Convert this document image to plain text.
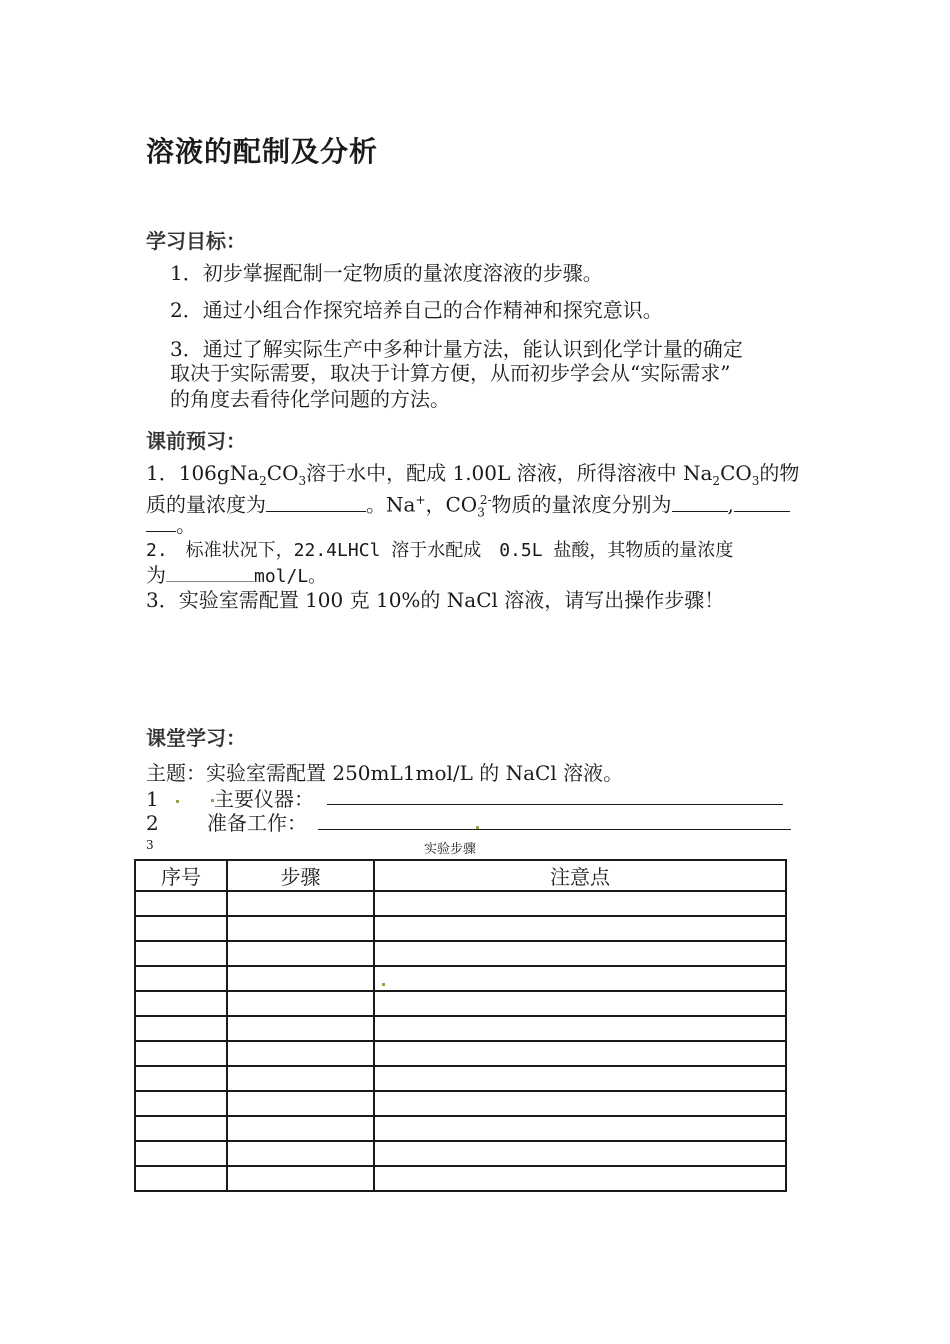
溶液的配制及分析
学习目标：
1．初步掌握配制一定物质的量浓度溶液的步骤。
2．通过小组合作探究培养自己的合作精神和探究意识。
3．通过了解实际生产中多种计量方法，能认识到化学计量的确定
取决于实际需要，取决于计算方便，从而初步学会从“实际需求”
的角度去看待化学问题的方法。
课前预习：
1．$106gNa_2CO_3$溶于水中，配成 1.00L 溶液，所得溶液中 $Na_2CO_3$的物
质的量浓度为	。Na+，$CO_3^{2-}$物质的量浓度分别为	,
。
2.　标准状况下，22.4LHCl 溶于水配成　0.5L 盐酸，其物质的量浓度
为	mol/L。
3．实验室需配置 100 克 10%的 NaCl 溶液，请写出操作步骤！
课堂学习：
主题：实验室需配置 250mL1mol/L 的 NaCl 溶液。
1	主要仪器：
2 准备工作：
3	实验步骤
序号	步骤	注意点
